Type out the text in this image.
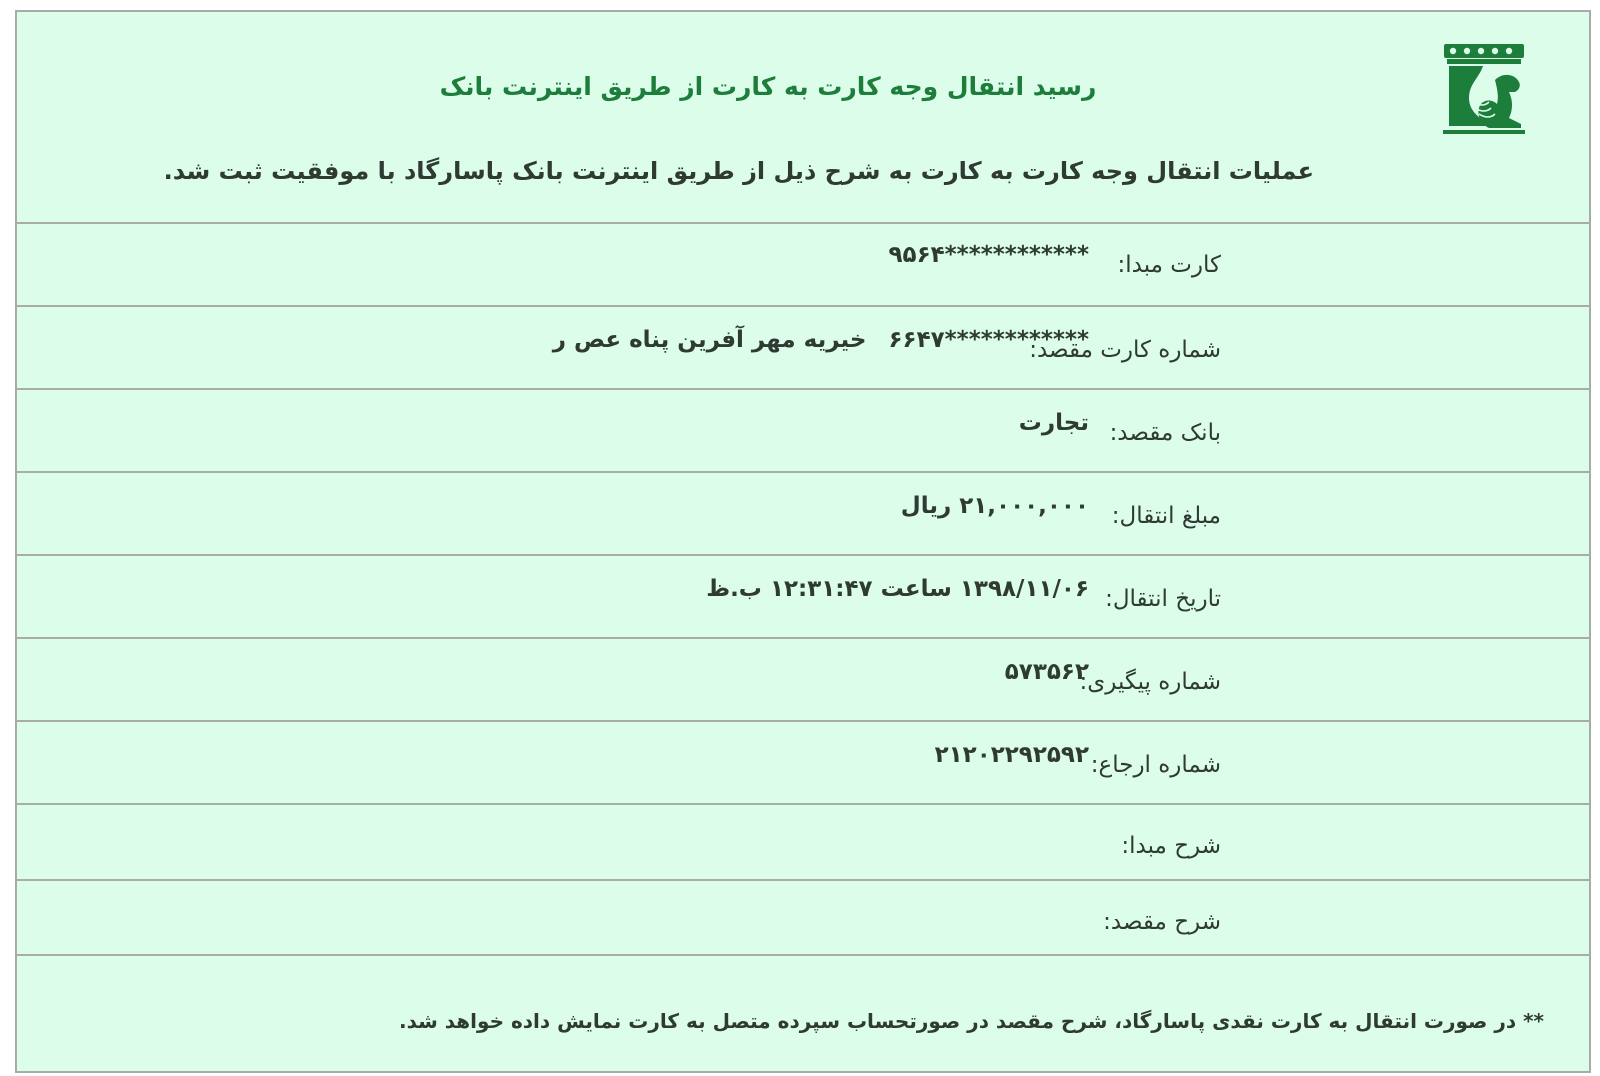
رسید انتقال وجه کارت به کارت از طریق اینترنت بانک
عملیات انتقال وجه کارت به کارت به شرح ذیل از طریق اینترنت بانک پاسارگاد با موفقیت ثبت شد.
کارت مبدا:
************۹۵۶۴
شماره کارت مقصد:
************۶۶۴۷خیریه مهر آفرین پناه عص ر
بانک مقصد:
تجارت
مبلغ انتقال:
۲۱,۰۰۰,۰۰۰ ریال
تاریخ انتقال:
۱۳۹۸/۱۱/۰۶ ساعت ۱۲:۳۱:۴۷ ب.ظ
شماره پیگیری:
۵۷۳۵۶۲
شماره ارجاع:
۲۱۲۰۲۲۹۲۵۹۲
شرح مبدا:
شرح مقصد:
** در صورت انتقال به کارت نقدی پاسارگاد، شرح مقصد در صورتحساب سپرده متصل به کارت نمایش داده خواهد شد.
